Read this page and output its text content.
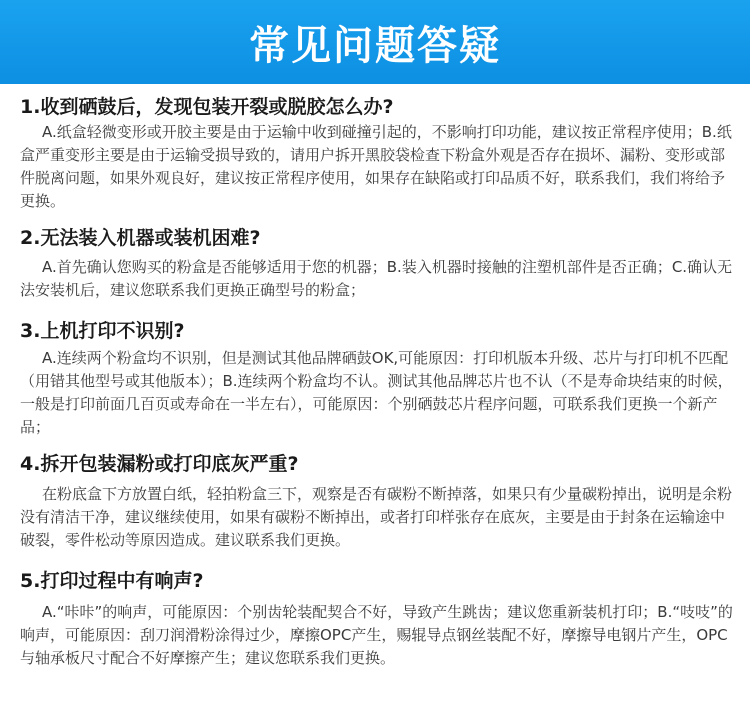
常见问题答疑

1.收到硒鼓后，发现包装开裂或脱胶怎么办?

A.纸盒轻微变形或开胶主要是由于运输中收到碰撞引起的，不影响打印功能，建议按正常程序使用；B.纸盒严重变形主要是由于运输受损导致的，请用户拆开黑胶袋检查下粉盒外观是否存在损坏、漏粉、变形或部件脱离问题，如果外观良好，建议按正常程序使用，如果存在缺陷或打印品质不好，联系我们，我们将给予更换。

2.无法装入机器或装机困难?

A.首先确认您购买的粉盒是否能够适用于您的机器；B.装入机器时接触的注塑机部件是否正确；C.确认无法安装机后，建议您联系我们更换正确型号的粉盒；

3.上机打印不识别?

A.连续两个粉盒均不识别，但是测试其他品牌硒鼓OK,可能原因：打印机版本升级、芯片与打印机不匹配（用错其他型号或其他版本）；B.连续两个粉盒均不认。测试其他品牌芯片也不认（不是寿命块结束的时候，一般是打印前面几百页或寿命在一半左右），可能原因：个别硒鼓芯片程序问题，可联系我们更换一个新产品；

4.拆开包装漏粉或打印底灰严重?

在粉底盒下方放置白纸，轻拍粉盒三下，观察是否有碳粉不断掉落，如果只有少量碳粉掉出，说明是余粉没有清洁干净，建议继续使用，如果有碳粉不断掉出，或者打印样张存在底灰，主要是由于封条在运输途中破裂，零件松动等原因造成。建议联系我们更换。

5.打印过程中有响声?

A.“咔咔”的响声，可能原因：个别齿轮装配契合不好，导致产生跳齿；建议您重新装机打印；B.“吱吱”的响声，可能原因：刮刀润滑粉涂得过少，摩擦OPC产生，赐辊导点钢丝装配不好，摩擦导电钢片产生，OPC与轴承板尺寸配合不好摩擦产生；建议您联系我们更换。
